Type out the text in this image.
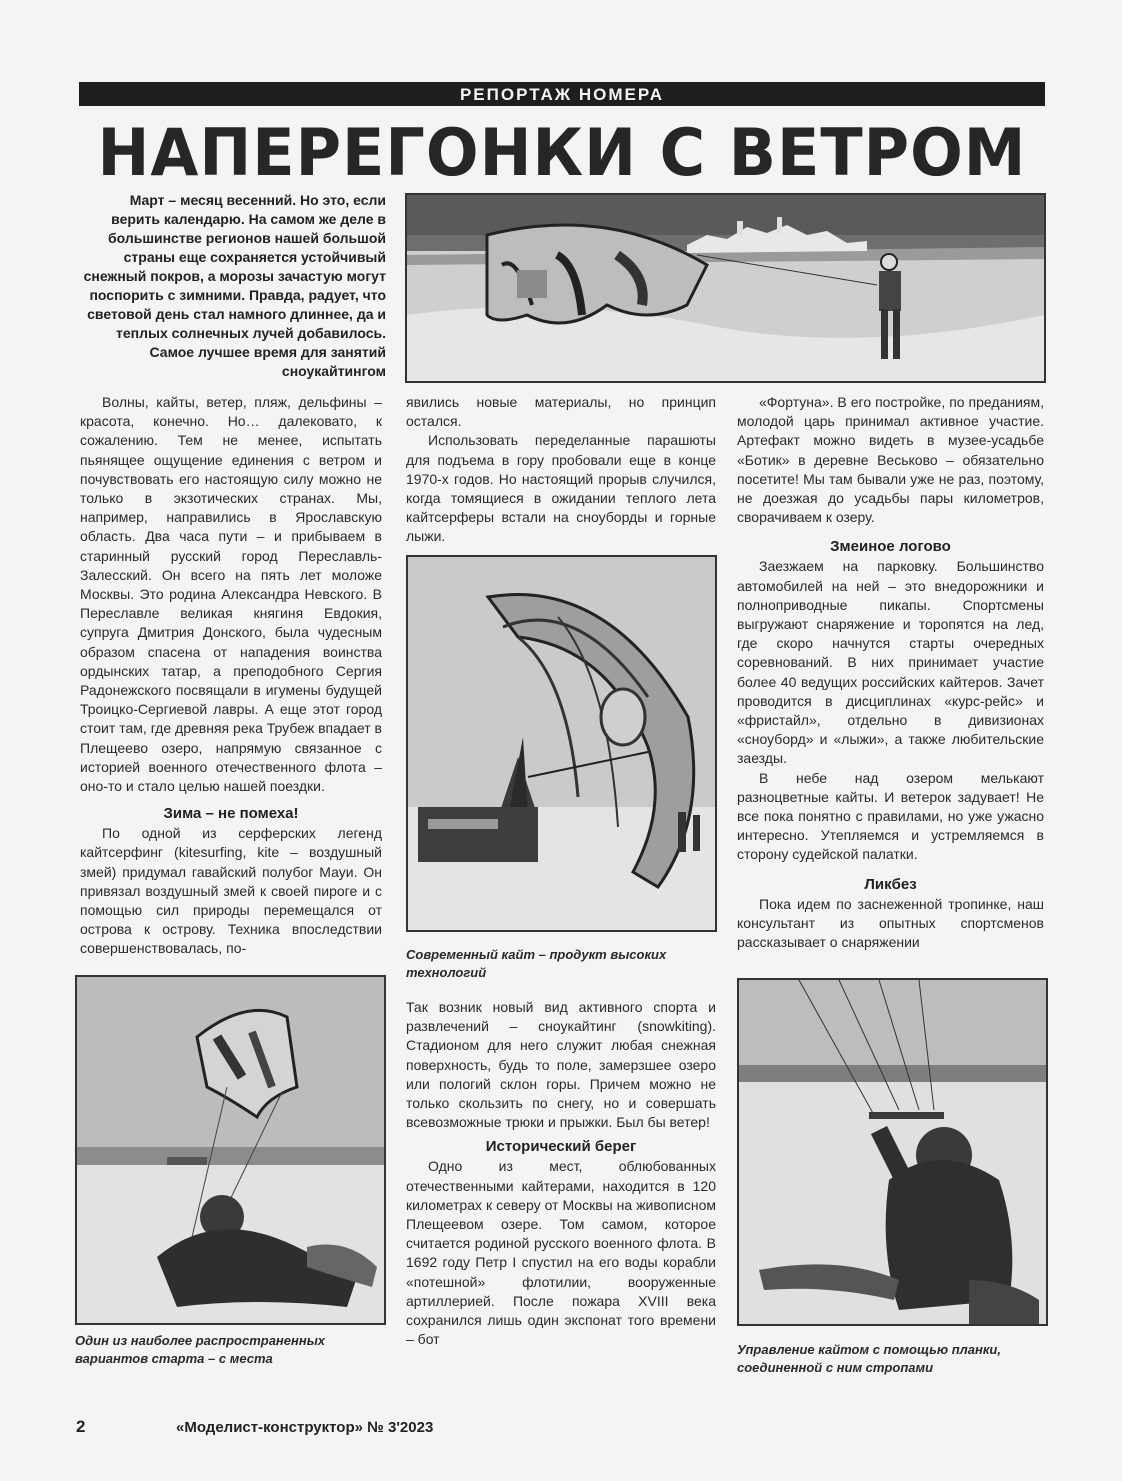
РЕПОРТАЖ НОМЕРА
НАПЕРЕГОНКИ С ВЕТРОМ
Март – месяц весенний. Но это, если верить календарю. На самом же деле в большинстве регионов нашей большой страны еще сохраняется устойчивый снежный покров, а морозы зачастую могут поспорить с зимними. Правда, радует, что световой день стал намного длиннее, да и теплых солнечных лучей добавилось. Самое лучшее время для занятий сноукайтингом

Волны, кайты, ветер, пляж, дельфины – красота, конечно. Но… далековато, к сожалению. Тем не менее, испытать пьянящее ощущение единения с ветром и почувствовать его настоящую силу можно не только в экзотических странах. Мы, например, направились в Ярославскую область. Два часа пути – и прибываем в старинный русский город Переславль-Залесский. Он всего на пять лет моложе Москвы. Это родина Александра Невского. В Переславле великая княгиня Евдокия, супруга Дмитрия Донского, была чудесным образом спасена от нападения воинства ордынских татар, а преподобного Сергия Радонежского посвящали в игумены будущей Троицко-Сергиевой лавры. А еще этот город стоит там, где древняя река Трубеж впадает в Плещеево озеро, напрямую связанное с историей военного отечественного флота – оно-то и стало целью нашей поездки.

Зима – не помеха!

По одной из серферских легенд кайтсерфинг (kitesurfing, kite – воздушный змей) придумал гавайский полубог Мауи. Он привязал воздушный змей к своей пироге и с помощью сил природы перемещался от острова к острову. Техника впоследствии совершенствовалась, по-

Один из наиболее распространенных вариантов старта – с места

явились новые материалы, но принцип остался.

Использовать переделанные парашюты для подъема в гору пробовали еще в конце 1970-х годов. Но настоящий прорыв случился, когда томящиеся в ожидании теплого лета кайтсерферы встали на сноуборды и горные лыжи.

Современный кайт – продукт высоких технологий

Так возник новый вид активного спорта и развлечений – сноукайтинг (snowkiting). Стадионом для него служит любая снежная поверхность, будь то поле, замерзшее озеро или пологий склон горы. Причем можно не только скользить по снегу, но и совершать всевозможные трюки и прыжки. Был бы ветер!

Исторический берег

Одно из мест, облюбованных отечественными кайтерами, находится в 120 километрах к северу от Москвы на живописном Плещеевом озере. Том самом, которое считается родиной русского военного флота. В 1692 году Петр I спустил на его воды корабли «потешной» флотилии, вооруженные артиллерией. После пожара XVIII века сохранился лишь один экспонат того времени – бот

«Фортуна». В его постройке, по преданиям, молодой царь принимал активное участие. Артефакт можно видеть в музее-усадьбе «Ботик» в деревне Веськово – обязательно посетите! Мы там бывали уже не раз, поэтому, не доезжая до усадьбы пары километров, сворачиваем к озеру.

Змеиное логово

Заезжаем на парковку. Большинство автомобилей на ней – это внедорожники и полноприводные пикапы. Спортсмены выгружают снаряжение и торопятся на лед, где скоро начнутся старты очередных соревнований. В них принимает участие более 40 ведущих российских кайтеров. Зачет проводится в дисциплинах «курс-рейс» и «фристайл», отдельно в дивизионах «сноуборд» и «лыжи», а также любительские заезды.

В небе над озером мелькают разноцветные кайты. И ветерок задувает! Не все пока понятно с правилами, но уже ужасно интересно. Утепляемся и устремляемся в сторону судейской палатки.

Ликбез

Пока идем по заснеженной тропинке, наш консультант из опытных спортсменов рассказывает о снаряжении

Управление кайтом с помощью планки, соединенной с ним стропами
2	«Моделист-конструктор» № 3'2023
